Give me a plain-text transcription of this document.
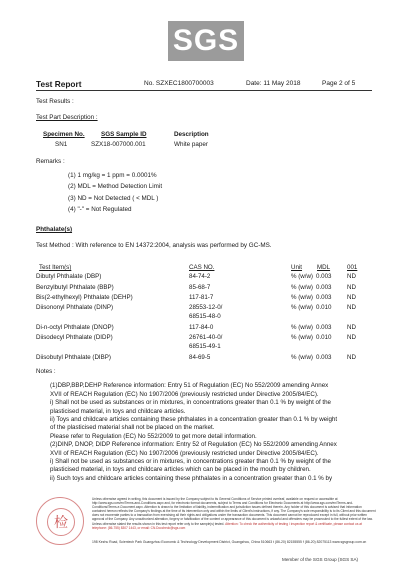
SGS
Test Report	No. SZXEC1800700003	Date: 11 May 2018	Page 2 of 5
Test Results :
Test Part Description :
Specimen No.	SGS Sample ID	Description
SN1	SZX18-007000.001	White paper
Remarks :
(1) 1 mg/kg = 1 ppm = 0.0001%
(2) MDL = Method Detection Limit
(3) ND = Not Detected ( < MDL )
(4) "-" = Not Regulated
Phthalate(s)
Test Method : With reference to EN 14372:2004, analysis was performed by GC-MS.
Test Item(s)	CAS NO.	Unit MDL	001
Dibutyl Phthalate (DBP)	84-74-2	% (w/w) 0.003	ND
Benzylbutyl Phthalate (BBP)	85-68-7	% (w/w) 0.003	ND
Bis(2-ethylhexyl) Phthalate (DEHP)	117-81-7	% (w/w) 0.003	ND
Diisononyl Phthalate (DINP)	28553-12-0/	% (w/w) 0.010	ND
68515-48-0
Di-n-octyl Phthalate (DNOP)	117-84-0	% (w/w) 0.003	ND
Diisodecyl Phthalate (DIDP)	26761-40-0/	% (w/w) 0.010	ND
68515-49-1
Diisobutyl Phthalate (DIBP)	84-69-5	% (w/w) 0.003	ND

Notes :

(1)DBP,BBP,DEHP Reference information: Entry 51 of Regulation (EC) No 552/2009 amending Annex

XVII of REACH Regulation (EC) No 1907/2006 (previously restricted under Directive 2005/84/EC).

i) Shall not be used as substances or in mixtures, in concentrations greater than 0.1 % by weight of the

plasticised material, in toys and childcare articles.

ii) Toys and childcare articles containing these phthalates in a concentration greater than 0.1 % by weight

of the plasticised material shall not be placed on the market.

Please refer to Regulation (EC) No 552/2009 to get more detail information.

(2)DINP, DNOP, DIDP Reference information: Entry 52 of Regulation (EC) No 552/2009 amending Annex

XVII of REACH Regulation (EC) No 1907/2006 (previously restricted under Directive 2005/84/EC).

i) Shall not be used as substances or in mixtures, in concentrations greater than 0.1 % by weight of the

plasticised material, in toys and childcare articles which can be placed in the mouth by children.

ii) Such toys and childcare articles containing these phthalates in a concentration greater than 0.1 % by

检
Unless otherwise agreed in writing, this document is issued by the Company subject to its General Conditions of Service printed overleaf, available on request or accessible at http://www.sgs.com/en/Terms-and-Conditions.aspx and, for electronic format documents, subject to Terms and Conditions for Electronic Documents at http://www.sgs.com/en/Terms-and-Conditions/Terms-e-Document.aspx. Attention is drawn to the limitation of liability, indemnification and jurisdiction issues defined therein. Any holder of this document is advised that information contained hereon reflects the Company's findings at the time of its intervention only and within the limits of Client's instructions, if any. The Company's sole responsibility is to its Client and this document does not exonerate parties to a transaction from exercising all their rights and obligations under the transaction documents. This document cannot be reproduced except in full, without prior written approval of the Company. Any unauthorized alteration, forgery or falsification of the content or appearance of this document is unlawful and offenders may be prosecuted to the fullest extent of the law. Unless otherwise stated the results shown in this test report refer only to the sample(s) tested. Attention: To check the authenticity of testing / inspection report & certificate, please contact us at telephone: (86-755) 8307 1443, or email: CN.Doccheck@sgs.com
198 Kezhu Road, Scientech Park Guangzhou Economic & Technology Development District, Guangzhou, China 510663 t (86-20) 82155555 f (86-20) 82075113 www.sgsgroup.com.cn
Member of the SGS Group (SGS SA)
